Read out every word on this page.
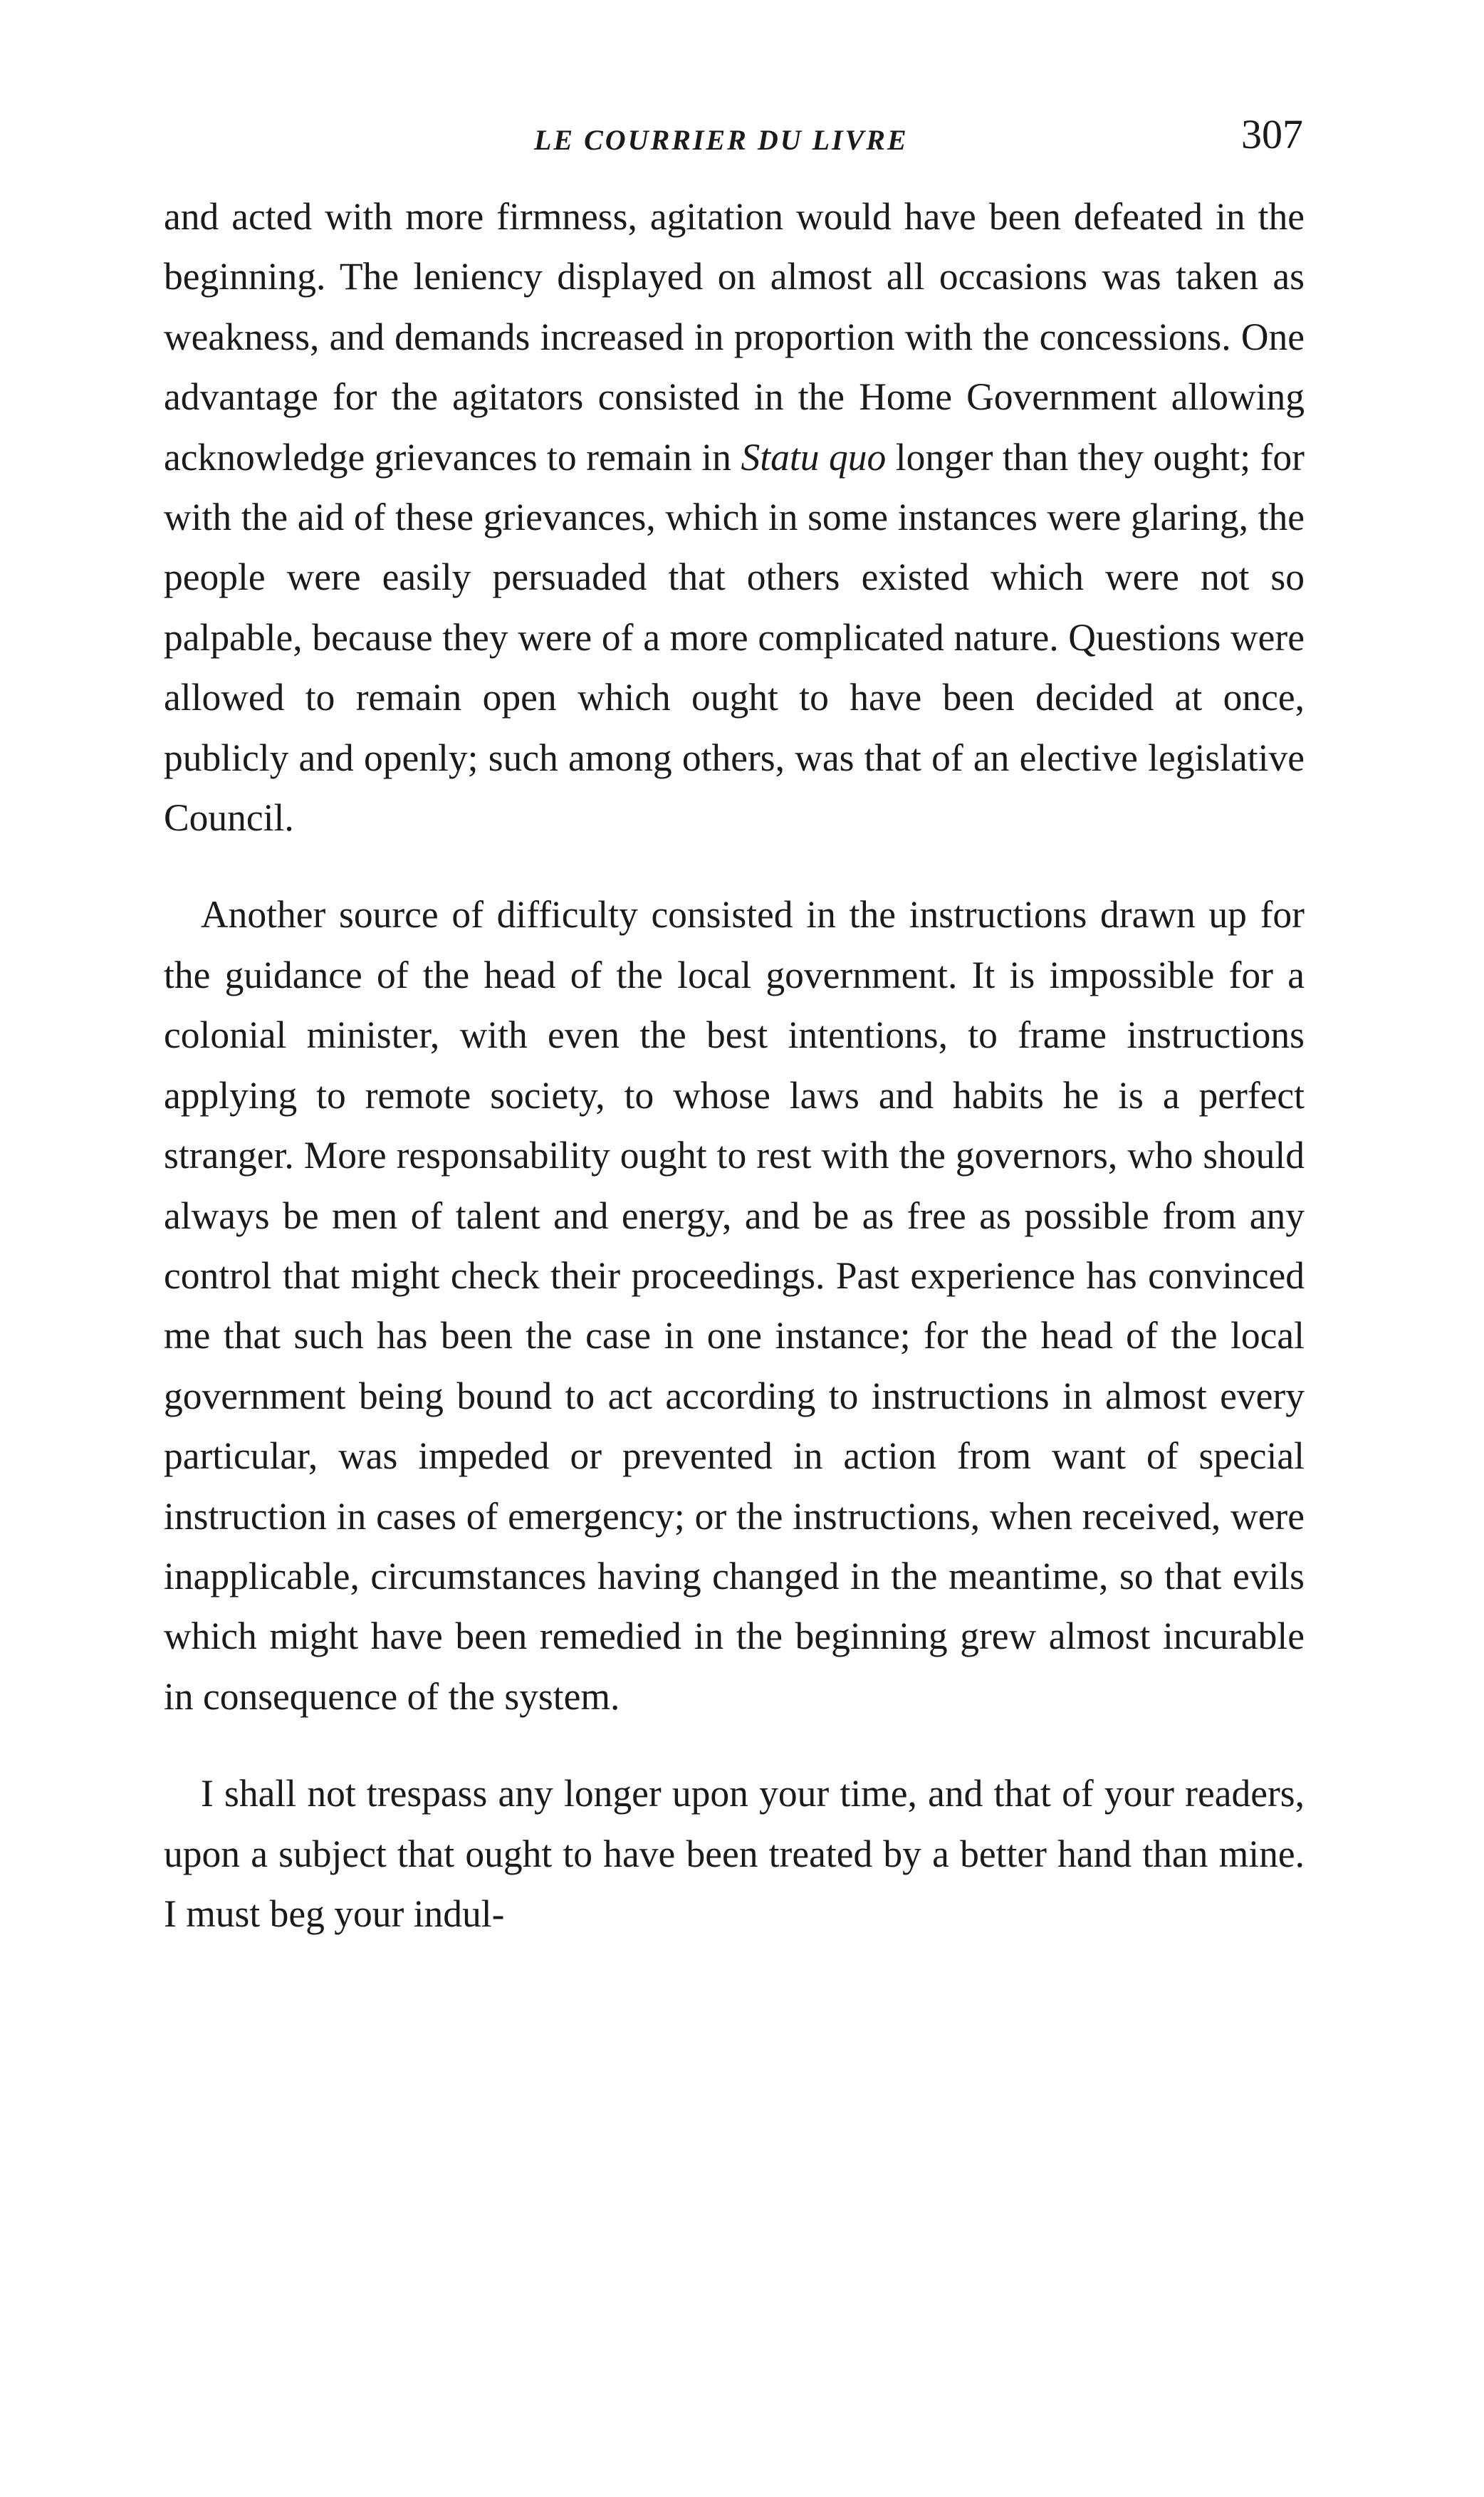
LE COURRIER DU LIVRE	307

and acted with more firmness, agitation would have been defeated in the beginning. The leniency displayed on almost all occasions was taken as weakness, and demands increased in proportion with the concessions. One advantage for the agitators consisted in the Home Government allowing acknowledge grievances to remain in Statu quo longer than they ought; for with the aid of these grievances, which in some instances were glaring, the people were easily persuaded that others existed which were not so palpable, because they were of a more complicated nature. Questions were allowed to remain open which ought to have been decided at once, publicly and openly; such among others, was that of an elective legislative Council.

Another source of difficulty consisted in the instructions drawn up for the guidance of the head of the local government. It is impossible for a colonial minister, with even the best intentions, to frame instructions applying to remote society, to whose laws and habits he is a perfect stranger. More responsability ought to rest with the governors, who should always be men of talent and energy, and be as free as possible from any control that might check their proceedings. Past experience has convinced me that such has been the case in one instance; for the head of the local government being bound to act according to instructions in almost every particular, was impeded or prevented in action from want of special instruction in cases of emergency; or the instructions, when received, were inapplicable, circumstances having changed in the meantime, so that evils which might have been remedied in the beginning grew almost incurable in consequence of the system.

I shall not trespass any longer upon your time, and that of your readers, upon a subject that ought to have been treated by a better hand than mine. I must beg your indul-
